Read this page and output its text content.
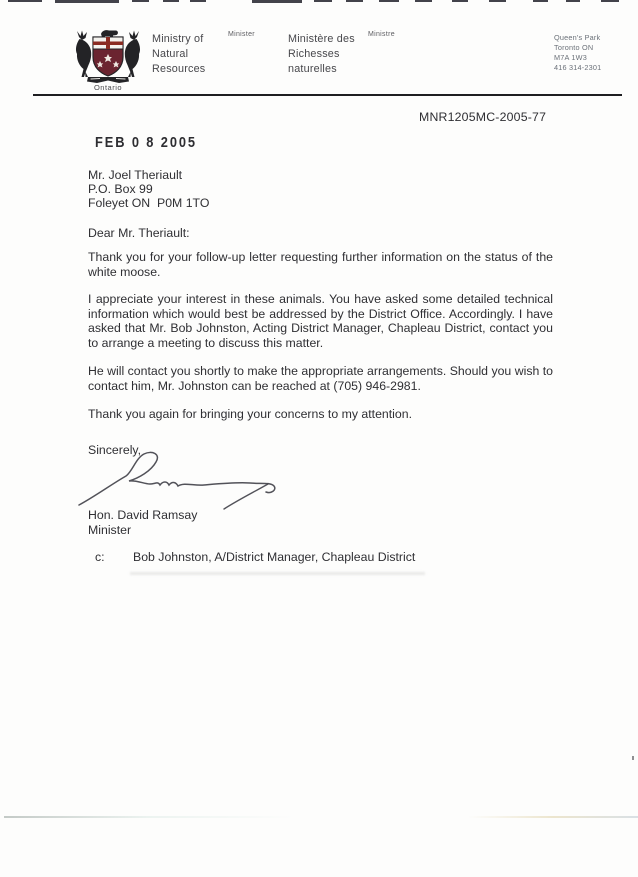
Ontario
Ministry of
Natural
Resources
Minister	Ministère des
Richesses
naturelles
Ministre	Queen's Park
Toronto ON
M7A 1W3
416 314-2301
MNR1205MC-2005-77
FEB 0 8 2005
Mr. Joel Theriault
P.O. Box 99
Foleyet ON  P0M 1TO
Dear Mr. Theriault:

Thank you for your follow-up letter requesting further information on the status of the white moose.

I appreciate your interest in these animals. You have asked some detailed technical information which would best be addressed by the District Office. Accordingly. I have asked that Mr. Bob Johnston, Acting District Manager, Chapleau District, contact you to arrange a meeting to discuss this matter.

He will contact you shortly to make the appropriate arrangements. Should you wish to contact him, Mr. Johnston can be reached at (705) 946-2981.

Thank you again for bringing your concerns to my attention.

Sincerely,
Hon. David Ramsay
Minister
c: Bob Johnston, A/District Manager, Chapleau District
